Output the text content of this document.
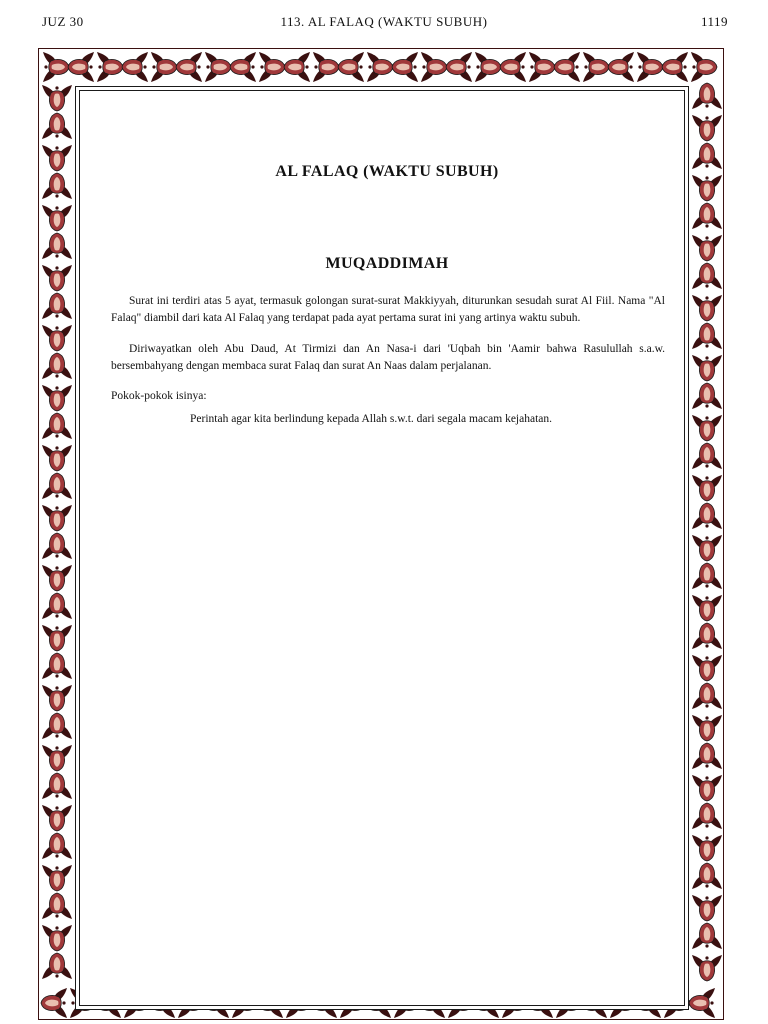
JUZ 30	113. AL FALAQ (WAKTU SUBUH)	1119
AL FALAQ (WAKTU SUBUH)
MUQADDIMAH
Surat ini terdiri atas 5 ayat, termasuk golongan surat-surat Makkiyyah, diturunkan sesudah surat Al Fiil. Nama "Al Falaq" diambil dari kata Al Falaq yang terdapat pada ayat pertama surat ini yang artinya waktu subuh.
Diriwayatkan oleh Abu Daud, At Tirmizi dan An Nasa-i dari 'Uqbah bin 'Aamir bahwa Rasulullah s.a.w. bersembahyang dengan membaca surat Falaq dan surat An Naas dalam perjalanan.
Pokok-pokok isinya:
Perintah agar kita berlindung kepada Allah s.w.t. dari segala macam kejahatan.
